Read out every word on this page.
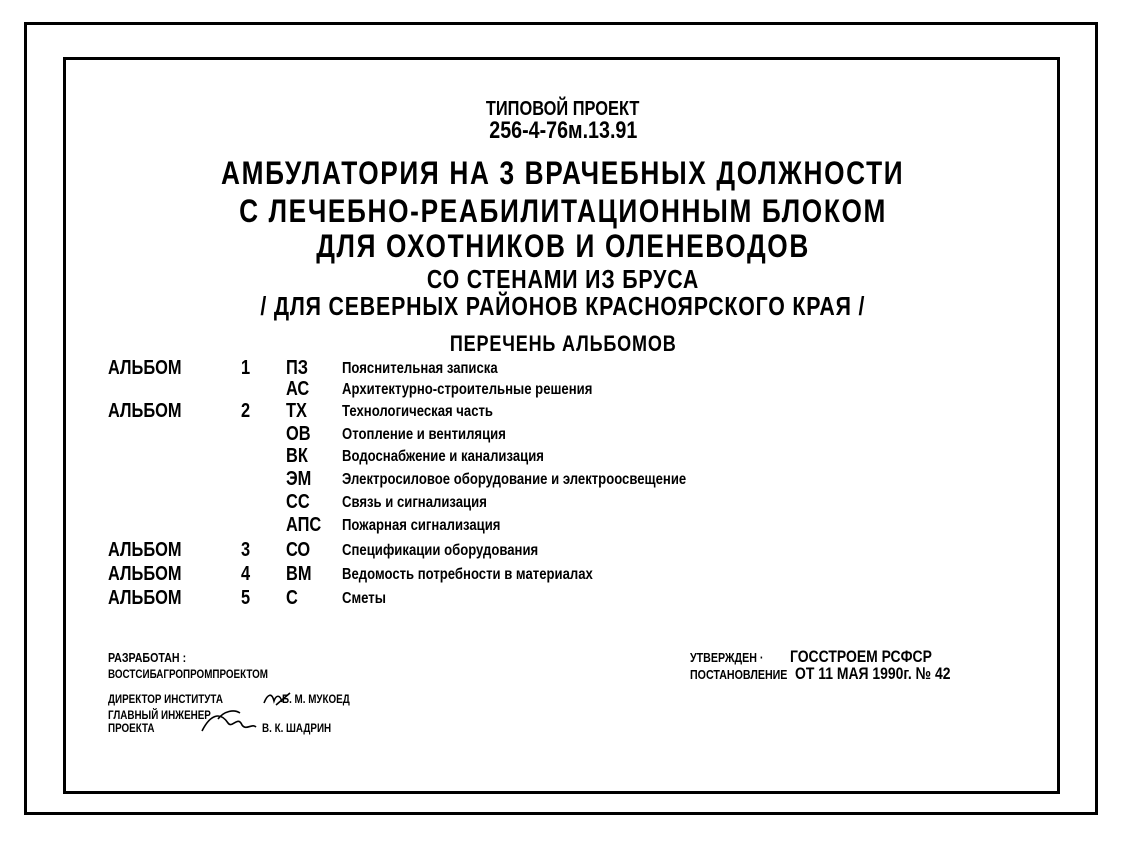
ТИПОВОЙ ПРОЕКТ
256-4-76м.13.91
АМБУЛАТОРИЯ НА 3 ВРАЧЕБНЫХ ДОЛЖНОСТИ
С ЛЕЧЕБНО-РЕАБИЛИТАЦИОННЫМ БЛОКОМ
ДЛЯ ОХОТНИКОВ И ОЛЕНЕВОДОВ
СО СТЕНАМИ ИЗ БРУСА
/ ДЛЯ СЕВЕРНЫХ РАЙОНОВ КРАСНОЯРСКОГО КРАЯ /
ПЕРЕЧЕНЬ АЛЬБОМОВ
АЛЬБОМ	1 ПЗ	Пояснительная записка
АС	Архитектурно-строительные решения
АЛЬБОМ	2 ТХ Технологическая часть
ОВ	Отопление и вентиляция
ВК Водоснабжение и канализация
ЭМ	Электросиловое оборудование и электроосвещение
СС	Связь и сигнализация
АПС	Пожарная сигнализация
АЛЬБОМ	3 СО	Спецификации оборудования
АЛЬБОМ	4 ВМ	Ведомость потребности в материалах
АЛЬБОМ	5 С	Сметы
РАЗРАБОТАН :
ВОСТСИБАГРОПРОМПРОЕКТОМ
ДИРЕКТОР ИНСТИТУТА	Б. М. МУКОЕД
ГЛАВНЫЙ ИНЖЕНЕР
ПРОЕКТА	В. К. ШАДРИН
УТВЕРЖДЕН ·	ГОССТРОЕМ РСФСР
ПОСТАНОВЛЕНИЕ ОТ 11 МАЯ 1990г. № 42
